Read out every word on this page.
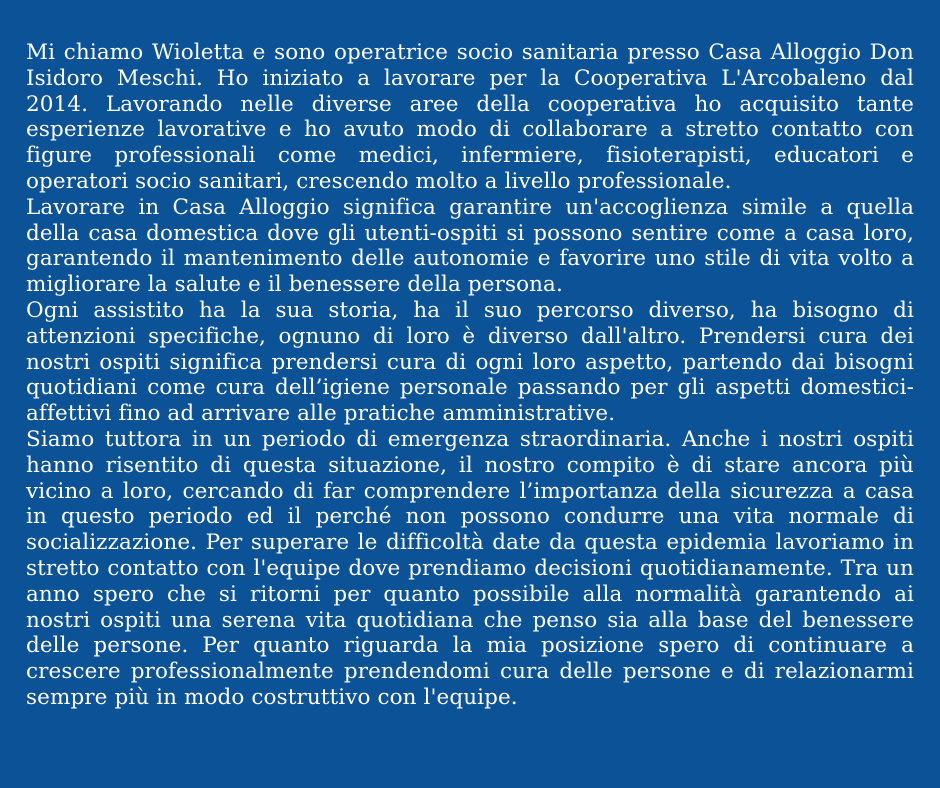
Mi chiamo Wioletta e sono operatrice socio sanitaria presso Casa Alloggio Don Isidoro Meschi. Ho iniziato a lavorare per la Cooperativa L'Arcobaleno dal 2014. Lavorando nelle diverse aree della cooperativa ho acquisito tante esperienze lavorative e ho avuto modo di collaborare a stretto contatto con figure professionali come medici, infermiere, fisioterapisti, educatori e operatori socio sanitari, crescendo molto a livello professionale.

Lavorare in Casa Alloggio significa garantire un'accoglienza simile a quella della casa domestica dove gli utenti-ospiti si possono sentire come a casa loro, garantendo il mantenimento delle autonomie e favorire uno stile di vita volto a migliorare la salute e il benessere della persona.

Ogni assistito ha la sua storia, ha il suo percorso diverso, ha bisogno di attenzioni specifiche, ognuno di loro è diverso dall'altro. Prendersi cura dei nostri ospiti significa prendersi cura di ogni loro aspetto, partendo dai bisogni quotidiani come cura dell’igiene personale passando per gli aspetti domestici-affettivi fino ad arrivare alle pratiche amministrative.

Siamo tuttora in un periodo di emergenza straordinaria. Anche i nostri ospiti hanno risentito di questa situazione, il nostro compito è di stare ancora più vicino a loro, cercando di far comprendere l’importanza della sicurezza a casa in questo periodo ed il perché non possono condurre una vita normale di socializzazione. Per superare le difficoltà date da questa epidemia lavoriamo in stretto contatto con l'equipe dove prendiamo decisioni quotidianamente. Tra un anno spero che si ritorni per quanto possibile alla normalità garantendo ai nostri ospiti una serena vita quotidiana che penso sia alla base del benessere delle persone. Per quanto riguarda la mia posizione spero di continuare a crescere professionalmente prendendomi cura delle persone e di relazionarmi sempre più in modo costruttivo con l'equipe.
